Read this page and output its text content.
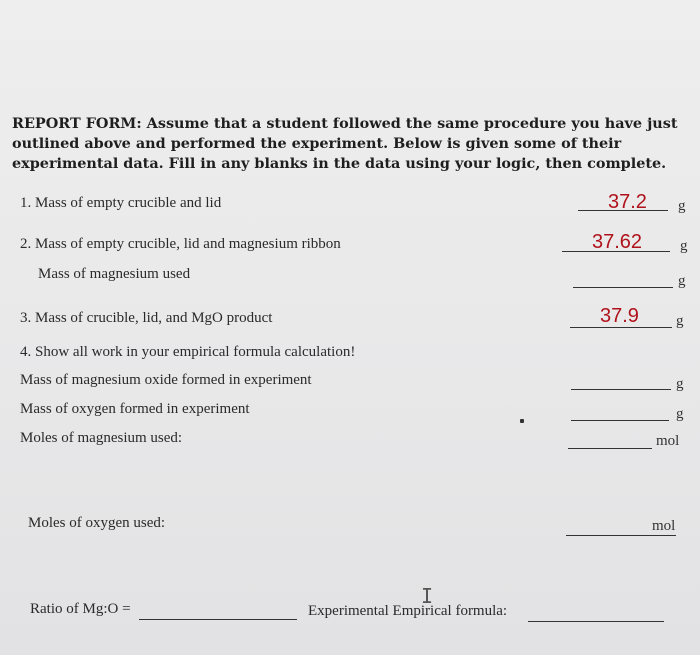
REPORT FORM: Assume that a student followed the same procedure you have just outlined above and performed the experiment. Below is given some of their experimental data. Fill in any blanks in the data using your logic, then complete.
1. Mass of empty crucible and lid	37.2 g
2. Mass of empty crucible, lid and magnesium ribbon	37.62	g
Mass of magnesium used	g
3. Mass of crucible, lid, and MgO product	37.9 g
4. Show all work in your empirical formula calculation!
Mass of magnesium oxide formed in experiment	g
Mass of oxygen formed in experiment	g
Moles of magnesium used:	mol
Moles of oxygen used:	mol
Ratio of Mg:O =	Experimental Empirical formula:
I
